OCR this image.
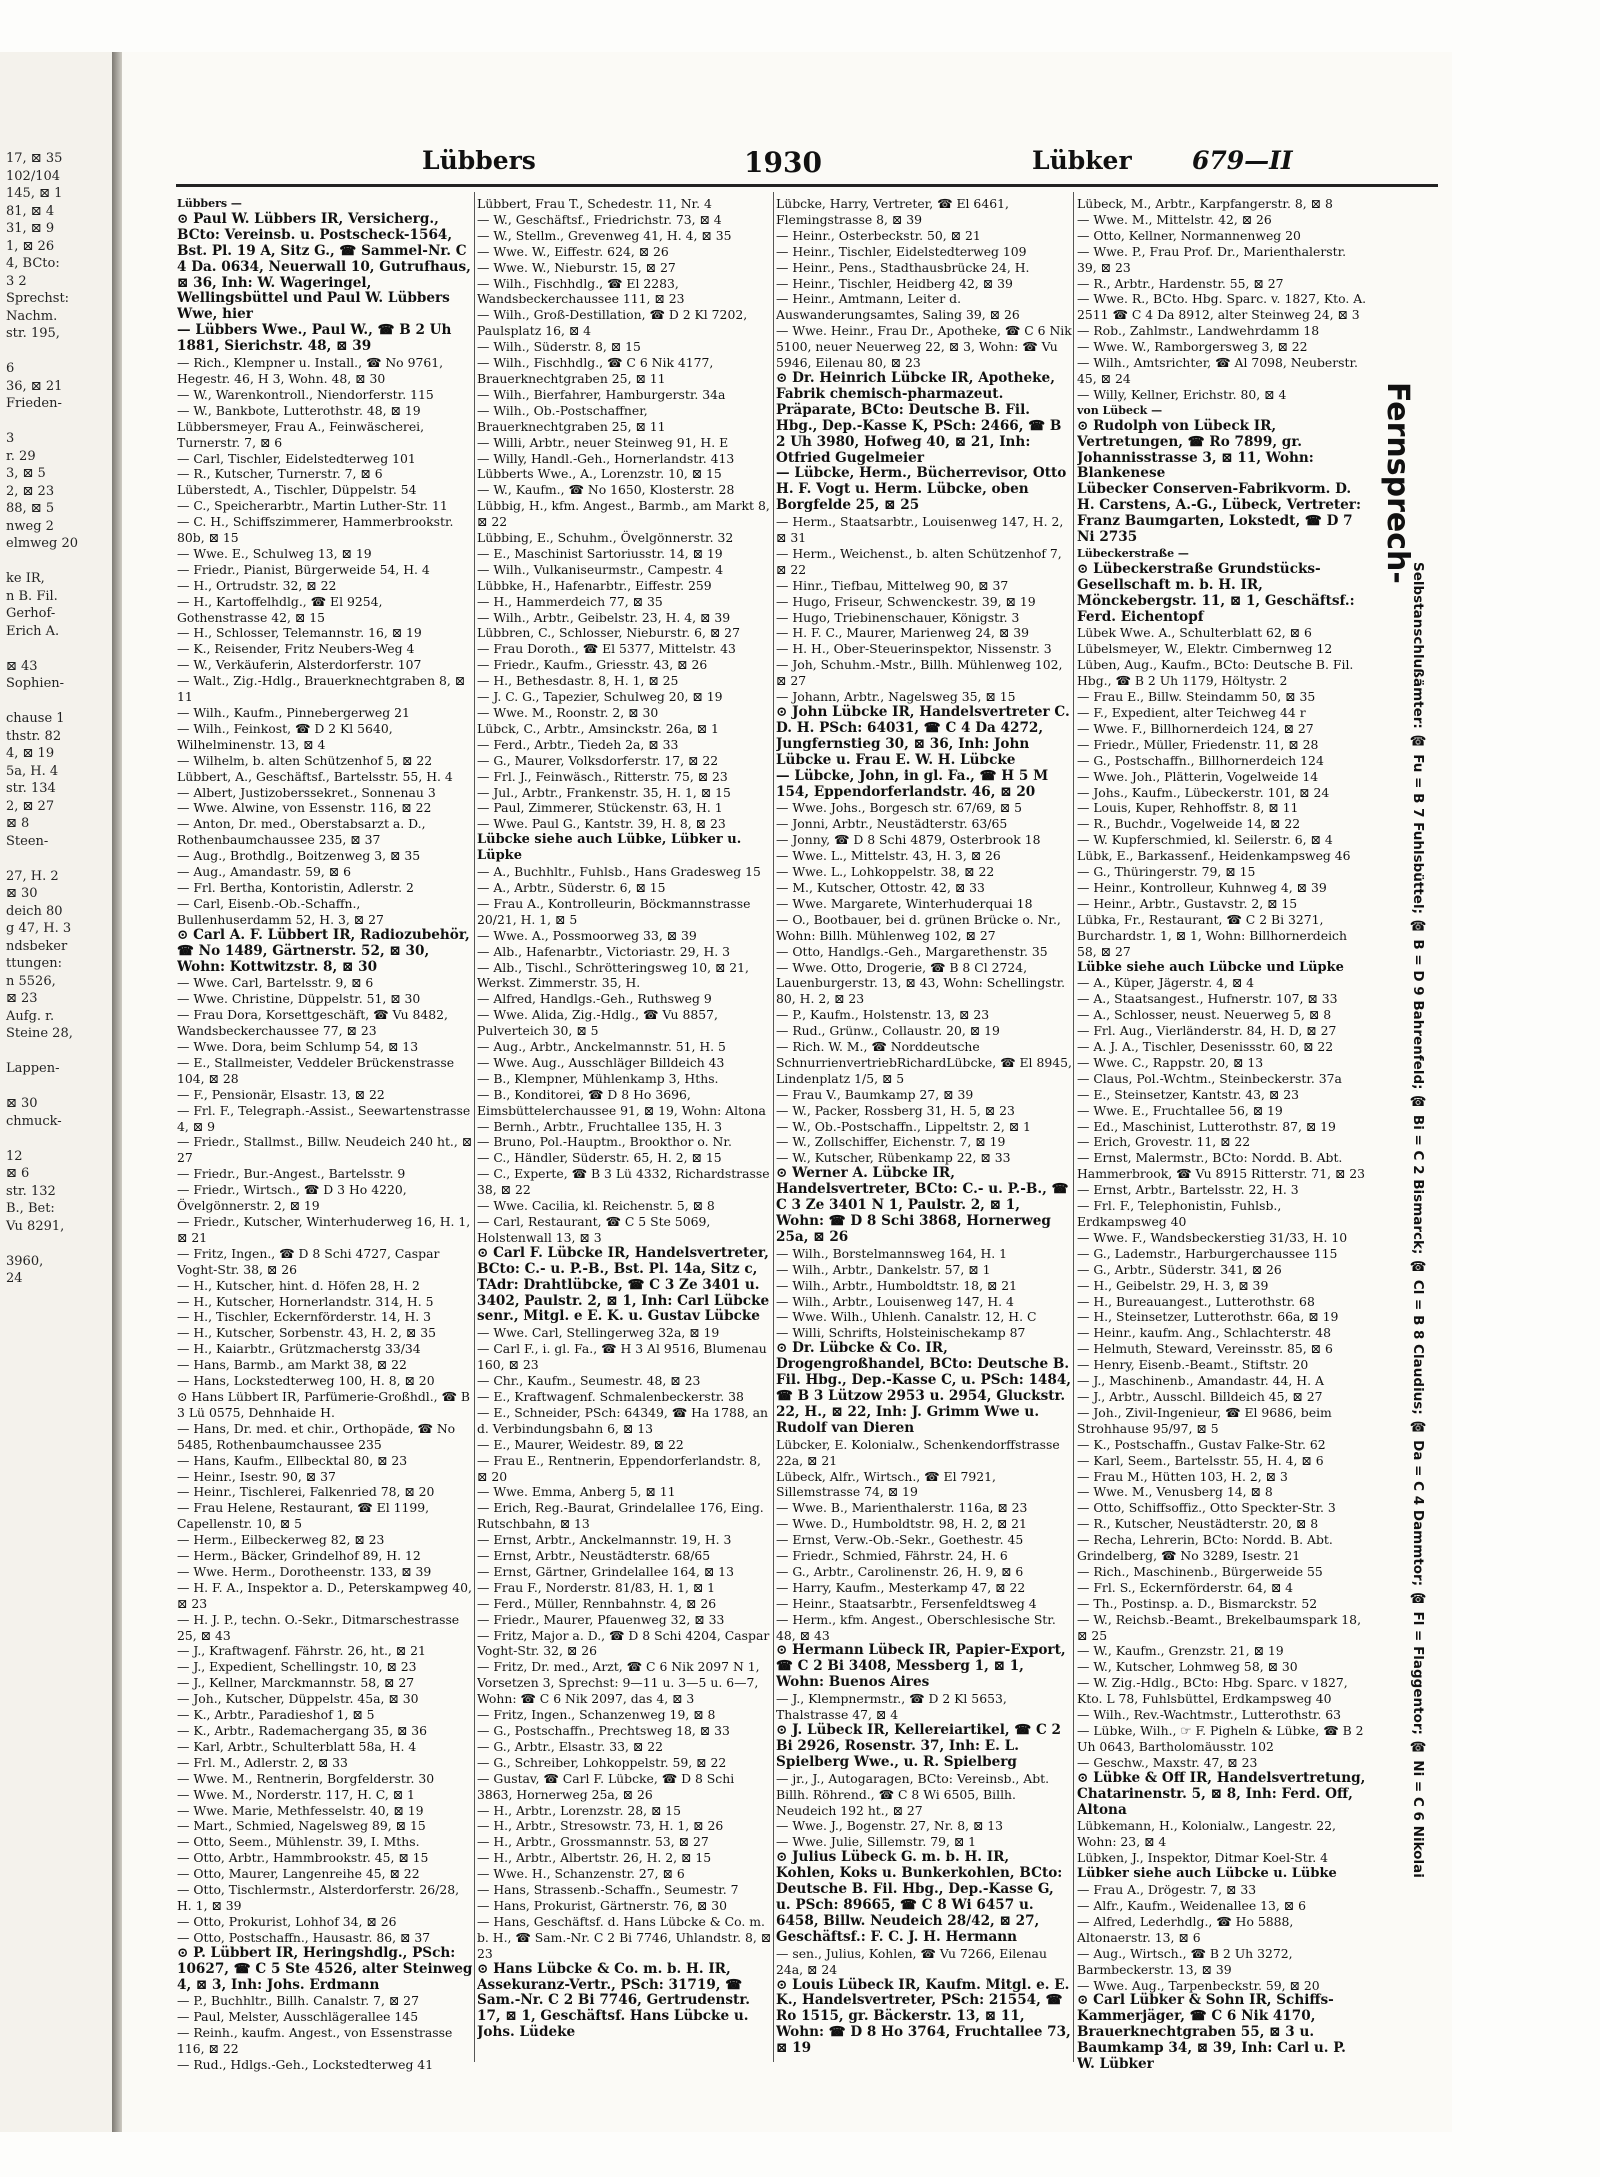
17, ⊠ 35
102/104
145, ⊠ 1
81, ⊠ 4
31, ⊠ 9
1, ⊠ 26
4, BCto:
3 2
Sprechst:
Nachm.
str. 195,

6
36, ⊠ 21
Frieden-

3
r. 29
3, ⊠ 5
2, ⊠ 23
88, ⊠ 5
nweg 2
elmweg 20

ke IR,
n B. Fil.
Gerhof-
Erich A.

⊠ 43
Sophien-

chause 1
thstr. 82
4, ⊠ 19
5a, H. 4
str. 134
2, ⊠ 27
⊠ 8
Steen-

27, H. 2
⊠ 30
deich 80
g 47, H. 3
ndsbeker
ttungen:
n 5526,
⊠ 23
Aufg. r.
Steine 28,

Lappen-

⊠ 30
chmuck-

12
⊠ 6
str. 132
B., Bet:
Vu 8291,

3960,
24
Lübbers	1930	Lübker 679—II

Lübbers —

⊙ Paul W. Lübbers IR, Versicherg., BCto: Vereinsb. u. Postscheck-1564, Bst. Pl. 19 A, Sitz G., ☎ Sammel-Nr. C 4 Da. 0634, Neuerwall 10, Gutrufhaus, ⊠ 36, Inh: W. Wageringel, Wellingsbüttel und Paul W. Lübbers Wwe, hier

— Lübbers Wwe., Paul W., ☎ B 2 Uh 1881, Sierichstr. 48, ⊠ 39

— Rich., Klempner u. Install., ☎ No 9761, Hegestr. 46, H 3, Wohn. 48, ⊠ 30

— W., Warenkontroll., Niendorferstr. 115

— W., Bankbote, Lutterothstr. 48, ⊠ 19

Lübbersmeyer, Frau A., Feinwäscherei, Turnerstr. 7, ⊠ 6

— Carl, Tischler, Eidelstedterweg 101

— R., Kutscher, Turnerstr. 7, ⊠ 6

Lüberstedt, A., Tischler, Düppelstr. 54

— C., Speicherarbtr., Martin Luther-Str. 11

— C. H., Schiffszimmerer, Hammerbrookstr. 80b, ⊠ 15

— Wwe. E., Schulweg 13, ⊠ 19

— Friedr., Pianist, Bürgerweide 54, H. 4

— H., Ortrudstr. 32, ⊠ 22

— H., Kartoffelhdlg., ☎ El 9254, Gothenstrasse 42, ⊠ 15

— H., Schlosser, Telemannstr. 16, ⊠ 19

— K., Reisender, Fritz Neubers-Weg 4

— W., Verkäuferin, Alsterdorferstr. 107

— Walt., Zig.-Hdlg., Brauerknechtgraben 8, ⊠ 11

— Wilh., Kaufm., Pinnebergerweg 21

— Wilh., Feinkost, ☎ D 2 Kl 5640, Wilhelminenstr. 13, ⊠ 4

— Wilhelm, b. alten Schützenhof 5, ⊠ 22

Lübbert, A., Geschäftsf., Bartelsstr. 55, H. 4

— Albert, Justizoberssekret., Sonnenau 3

— Wwe. Alwine, von Essenstr. 116, ⊠ 22

— Anton, Dr. med., Oberstabsarzt a. D., Rothenbaumchaussee 235, ⊠ 37

— Aug., Brothdlg., Boitzenweg 3, ⊠ 35

— Aug., Amandastr. 59, ⊠ 6

— Frl. Bertha, Kontoristin, Adlerstr. 2

— Carl, Eisenb.-Ob.-Schaffn., Bullenhuserdamm 52, H. 3, ⊠ 27

⊙ Carl A. F. Lübbert IR, Radiozubehör, ☎ No 1489, Gärtnerstr. 52, ⊠ 30, Wohn: Kottwitzstr. 8, ⊠ 30

— Wwe. Carl, Bartelsstr. 9, ⊠ 6

— Wwe. Christine, Düppelstr. 51, ⊠ 30

— Frau Dora, Korsettgeschäft, ☎ Vu 8482, Wandsbeckerchaussee 77, ⊠ 23

— Wwe. Dora, beim Schlump 54, ⊠ 13

— E., Stallmeister, Veddeler Brückenstrasse 104, ⊠ 28

— F., Pensionär, Elsastr. 13, ⊠ 22

— Frl. F., Telegraph.-Assist., Seewartenstrasse 4, ⊠ 9

— Friedr., Stallmst., Billw. Neudeich 240 ht., ⊠ 27

— Friedr., Bur.-Angest., Bartelsstr. 9

— Friedr., Wirtsch., ☎ D 3 Ho 4220, Övelgönnerstr. 2, ⊠ 19

— Friedr., Kutscher, Winterhuderweg 16, H. 1, ⊠ 21

— Fritz, Ingen., ☎ D 8 Schi 4727, Caspar Voght-Str. 38, ⊠ 26

— H., Kutscher, hint. d. Höfen 28, H. 2

— H., Kutscher, Hornerlandstr. 314, H. 5

— H., Tischler, Eckernförderstr. 14, H. 3

— H., Kutscher, Sorbenstr. 43, H. 2, ⊠ 35

— H., Kaiarbtr., Grützmacherstg 33/34

— Hans, Barmb., am Markt 38, ⊠ 22

— Hans, Lockstedterweg 100, H. 8, ⊠ 20

⊙ Hans Lübbert IR, Parfümerie-Großhdl., ☎ B 3 Lü 0575, Dehnhaide H.

— Hans, Dr. med. et chir., Orthopäde, ☎ No 5485, Rothenbaumchaussee 235

— Hans, Kaufm., Ellbecktal 80, ⊠ 23

— Heinr., Isestr. 90, ⊠ 37

— Heinr., Tischlerei, Falkenried 78, ⊠ 20

— Frau Helene, Restaurant, ☎ El 1199, Capellenstr. 10, ⊠ 5

— Herm., Eilbeckerweg 82, ⊠ 23

— Herm., Bäcker, Grindelhof 89, H. 12

— Wwe. Herm., Dorotheenstr. 133, ⊠ 39

— H. F. A., Inspektor a. D., Peterskampweg 40, ⊠ 23

— H. J. P., techn. O.-Sekr., Ditmarschestrasse 25, ⊠ 43

— J., Kraftwagenf. Fährstr. 26, ht., ⊠ 21

— J., Expedient, Schellingstr. 10, ⊠ 23

— J., Kellner, Marckmannstr. 58, ⊠ 27

— Joh., Kutscher, Düppelstr. 45a, ⊠ 30

— K., Arbtr., Paradieshof 1, ⊠ 5

— K., Arbtr., Rademachergang 35, ⊠ 36

— Karl, Arbtr., Schulterblatt 58a, H. 4

— Frl. M., Adlerstr. 2, ⊠ 33

— Wwe. M., Rentnerin, Borgfelderstr. 30

— Wwe. M., Norderstr. 117, H. C, ⊠ 1

— Wwe. Marie, Methfesselstr. 40, ⊠ 19

— Mart., Schmied, Nagelsweg 89, ⊠ 15

— Otto, Seem., Mühlenstr. 39, I. Mths.

— Otto, Arbtr., Hammbrookstr. 45, ⊠ 15

— Otto, Maurer, Langenreihe 45, ⊠ 22

— Otto, Tischlermstr., Alsterdorferstr. 26/28, H. 1, ⊠ 39

— Otto, Prokurist, Lohhof 34, ⊠ 26

— Otto, Postschaffn., Hausastr. 86, ⊠ 37

⊙ P. Lübbert IR, Heringshdlg., PSch: 10627, ☎ C 5 Ste 4526, alter Steinweg 4, ⊠ 3, Inh: Johs. Erdmann

— P., Buchhltr., Billh. Canalstr. 7, ⊠ 27

— Paul, Melster, Ausschlägerallee 145

— Reinh., kaufm. Angest., von Essenstrasse 116, ⊠ 22

— Rud., Hdlgs.-Geh., Lockstedterweg 41

Lübbert, Frau T., Schedestr. 11, Nr. 4

— W., Geschäftsf., Friedrichstr. 73, ⊠ 4

— W., Stellm., Grevenweg 41, H. 4, ⊠ 35

— Wwe. W., Eiffestr. 624, ⊠ 26

— Wwe. W., Nieburstr. 15, ⊠ 27

— Wilh., Fischhdlg., ☎ El 2283, Wandsbeckerchaussee 111, ⊠ 23

— Wilh., Groß-Destillation, ☎ D 2 Kl 7202, Paulsplatz 16, ⊠ 4

— Wilh., Süderstr. 8, ⊠ 15

— Wilh., Fischhdlg., ☎ C 6 Nik 4177, Brauerknechtgraben 25, ⊠ 11

— Wilh., Bierfahrer, Hamburgerstr. 34a

— Wilh., Ob.-Postschaffner, Brauerknechtgraben 25, ⊠ 11

— Willi, Arbtr., neuer Steinweg 91, H. E

— Willy, Handl.-Geh., Hornerlandstr. 413

Lübberts Wwe., A., Lorenzstr. 10, ⊠ 15

— W., Kaufm., ☎ No 1650, Klosterstr. 28

Lübbig, H., kfm. Angest., Barmb., am Markt 8, ⊠ 22

Lübbing, E., Schuhm., Övelgönnerstr. 32

— E., Maschinist Sartoriusstr. 14, ⊠ 19

— Wilh., Vulkaniseurmstr., Campestr. 4

Lübbke, H., Hafenarbtr., Eiffestr. 259

— H., Hammerdeich 77, ⊠ 35

— Wilh., Arbtr., Geibelstr. 23, H. 4, ⊠ 39

Lübbren, C., Schlosser, Nieburstr. 6, ⊠ 27

— Frau Doroth., ☎ El 5377, Mittelstr. 43

— Friedr., Kaufm., Griesstr. 43, ⊠ 26

— H., Bethesdastr. 8, H. 1, ⊠ 25

— J. C. G., Tapezier, Schulweg 20, ⊠ 19

— Wwe. M., Roonstr. 2, ⊠ 30

Lübck, C., Arbtr., Amsinckstr. 26a, ⊠ 1

— Ferd., Arbtr., Tiedeh 2a, ⊠ 33

— G., Maurer, Volksdorferstr. 17, ⊠ 22

— Frl. J., Feinwäsch., Ritterstr. 75, ⊠ 23

— Jul., Arbtr., Frankenstr. 35, H. 1, ⊠ 15

— Paul, Zimmerer, Stückenstr. 63, H. 1

— Wwe. Paul G., Kantstr. 39, H. 8, ⊠ 23

Lübcke siehe auch Lübke, Lübker u. Lüpke

— A., Buchhltr., Fuhlsb., Hans Gradesweg 15

— A., Arbtr., Süderstr. 6, ⊠ 15

— Frau A., Kontrolleurin, Böckmannstrasse 20/21, H. 1, ⊠ 5

— Wwe. A., Possmoorweg 33, ⊠ 39

— Alb., Hafenarbtr., Victoriastr. 29, H. 3

— Alb., Tischl., Schrötteringsweg 10, ⊠ 21, Werkst. Zimmerstr. 35, H.

— Alfred, Handlgs.-Geh., Ruthsweg 9

— Wwe. Alida, Zig.-Hdlg., ☎ Vu 8857, Pulverteich 30, ⊠ 5

— Aug., Arbtr., Anckelmannstr. 51, H. 5

— Wwe. Aug., Ausschläger Billdeich 43

— B., Klempner, Mühlenkamp 3, Hths.

— B., Konditorei, ☎ D 8 Ho 3696, Eimsbüttelerchaussee 91, ⊠ 19, Wohn: Altona

— Bernh., Arbtr., Fruchtallee 135, H. 3

— Bruno, Pol.-Hauptm., Brookthor o. Nr.

— C., Händler, Süderstr. 65, H. 2, ⊠ 15

— C., Experte, ☎ B 3 Lü 4332, Richardstrasse 38, ⊠ 22

— Wwe. Cacilia, kl. Reichenstr. 5, ⊠ 8

— Carl, Restaurant, ☎ C 5 Ste 5069, Holstenwall 13, ⊠ 3

⊙ Carl F. Lübcke IR, Handelsvertreter, BCto: C.- u. P.-B., Bst. Pl. 14a, Sitz c, TAdr: Drahtlübcke, ☎ C 3 Ze 3401 u. 3402, Paulstr. 2, ⊠ 1, Inh: Carl Lübcke senr., Mitgl. e E. K. u. Gustav Lübcke

— Wwe. Carl, Stellingerweg 32a, ⊠ 19

— Carl F., i. gl. Fa., ☎ H 3 Al 9516, Blumenau 160, ⊠ 23

— Chr., Kaufm., Seumestr. 48, ⊠ 23

— E., Kraftwagenf. Schmalenbeckerstr. 38

— E., Schneider, PSch: 64349, ☎ Ha 1788, an d. Verbindungsbahn 6, ⊠ 13

— E., Maurer, Weidestr. 89, ⊠ 22

— Frau E., Rentnerin, Eppendorferlandstr. 8, ⊠ 20

— Wwe. Emma, Anberg 5, ⊠ 11

— Erich, Reg.-Baurat, Grindelallee 176, Eing. Rutschbahn, ⊠ 13

— Ernst, Arbtr., Anckelmannstr. 19, H. 3

— Ernst, Arbtr., Neustädterstr. 68/65

— Ernst, Gärtner, Grindelallee 164, ⊠ 13

— Frau F., Norderstr. 81/83, H. 1, ⊠ 1

— Ferd., Müller, Rennbahnstr. 4, ⊠ 26

— Friedr., Maurer, Pfauenweg 32, ⊠ 33

— Fritz, Major a. D., ☎ D 8 Schi 4204, Caspar Voght-Str. 32, ⊠ 26

— Fritz, Dr. med., Arzt, ☎ C 6 Nik 2097 N 1, Vorsetzen 3, Sprechst: 9—11 u. 3—5 u. 6—7, Wohn: ☎ C 6 Nik 2097, das 4, ⊠ 3

— Fritz, Ingen., Schanzenweg 19, ⊠ 8

— G., Postschaffn., Prechtsweg 18, ⊠ 33

— G., Arbtr., Elsastr. 33, ⊠ 22

— G., Schreiber, Lohkoppelstr. 59, ⊠ 22

— Gustav, ☎ Carl F. Lübcke, ☎ D 8 Schi 3863, Hornerweg 25a, ⊠ 26

— H., Arbtr., Lorenzstr. 28, ⊠ 15

— H., Arbtr., Stresowstr. 73, H. 1, ⊠ 26

— H., Arbtr., Grossmannstr. 53, ⊠ 27

— H., Arbtr., Albertstr. 26, H. 2, ⊠ 15

— Wwe. H., Schanzenstr. 27, ⊠ 6

— Hans, Strassenb.-Schaffn., Seumestr. 7

— Hans, Prokurist, Gärtnerstr. 76, ⊠ 30

— Hans, Geschäftsf. d. Hans Lübcke & Co. m. b. H., ☎ Sam.-Nr. C 2 Bi 7746, Uhlandstr. 8, ⊠ 23

⊙ Hans Lübcke & Co. m. b. H. IR, Assekuranz-Vertr., PSch: 31719, ☎ Sam.-Nr. C 2 Bi 7746, Gertrudenstr. 17, ⊠ 1, Geschäftsf. Hans Lübcke u. Johs. Lüdeke

Lübcke, Harry, Vertreter, ☎ El 6461, Flemingstrasse 8, ⊠ 39

— Heinr., Osterbeckstr. 50, ⊠ 21

— Heinr., Tischler, Eidelstedterweg 109

— Heinr., Pens., Stadthausbrücke 24, H.

— Heinr., Tischler, Heidberg 42, ⊠ 39

— Heinr., Amtmann, Leiter d. Auswanderungsamtes, Saling 39, ⊠ 26

— Wwe. Heinr., Frau Dr., Apotheke, ☎ C 6 Nik 5100, neuer Neuerweg 22, ⊠ 3, Wohn: ☎ Vu 5946, Eilenau 80, ⊠ 23

⊙ Dr. Heinrich Lübcke IR, Apotheke, Fabrik chemisch-pharmazeut. Präparate, BCto: Deutsche B. Fil. Hbg., Dep.-Kasse K, PSch: 2466, ☎ B 2 Uh 3980, Hofweg 40, ⊠ 21, Inh: Otfried Gugelmeier

— Lübcke, Herm., Bücherrevisor, Otto H. F. Vogt u. Herm. Lübcke, oben Borgfelde 25, ⊠ 25

— Herm., Staatsarbtr., Louisenweg 147, H. 2, ⊠ 31

— Herm., Weichenst., b. alten Schützenhof 7, ⊠ 22

— Hinr., Tiefbau, Mittelweg 90, ⊠ 37

— Hugo, Friseur, Schwenckestr. 39, ⊠ 19

— Hugo, Triebinenschauer, Königstr. 3

— H. F. C., Maurer, Marienweg 24, ⊠ 39

— H. H., Ober-Steuerinspektor, Nissenstr. 3

— Joh, Schuhm.-Mstr., Billh. Mühlenweg 102, ⊠ 27

— Johann, Arbtr., Nagelsweg 35, ⊠ 15

⊙ John Lübcke IR, Handelsvertreter C. D. H. PSch: 64031, ☎ C 4 Da 4272, Jungfernstieg 30, ⊠ 36, Inh: John Lübcke u. Frau E. W. H. Lübcke

— Lübcke, John, in gl. Fa., ☎ H 5 M 154, Eppendorferlandstr. 46, ⊠ 20

— Wwe. Johs., Borgesch str. 67/69, ⊠ 5

— Jonni, Arbtr., Neustädterstr. 63/65

— Jonny, ☎ D 8 Schi 4879, Osterbrook 18

— Wwe. L., Mittelstr. 43, H. 3, ⊠ 26

— Wwe. L., Lohkoppelstr. 38, ⊠ 22

— M., Kutscher, Ottostr. 42, ⊠ 33

— Wwe. Margarete, Winterhuderquai 18

— O., Bootbauer, bei d. grünen Brücke o. Nr., Wohn: Billh. Mühlenweg 102, ⊠ 27

— Otto, Handlgs.-Geh., Margarethenstr. 35

— Wwe. Otto, Drogerie, ☎ B 8 Cl 2724, Lauenburgerstr. 13, ⊠ 43, Wohn: Schellingstr. 80, H. 2, ⊠ 23

— P., Kaufm., Holstenstr. 13, ⊠ 23

— Rud., Grünw., Collaustr. 20, ⊠ 19

— Rich. W. M., ☎ Norddeutsche SchnurrienvertriebRichardLübcke, ☎ El 8945, Lindenplatz 1/5, ⊠ 5

— Frau V., Baumkamp 27, ⊠ 39

— W., Packer, Rossberg 31, H. 5, ⊠ 23

— W., Ob.-Postschaffn., Lippeltstr. 2, ⊠ 1

— W., Zollschiffer, Eichenstr. 7, ⊠ 19

— W., Kutscher, Rübenkamp 22, ⊠ 33

⊙ Werner A. Lübcke IR, Handelsvertreter, BCto: C.- u. P.-B., ☎ C 3 Ze 3401 N 1, Paulstr. 2, ⊠ 1, Wohn: ☎ D 8 Schi 3868, Hornerweg 25a, ⊠ 26

— Wilh., Borstelmannsweg 164, H. 1

— Wilh., Arbtr., Dankelstr. 57, ⊠ 1

— Wilh., Arbtr., Humboldtstr. 18, ⊠ 21

— Wilh., Arbtr., Louisenweg 147, H. 4

— Wwe. Wilh., Uhlenh. Canalstr. 12, H. C

— Willi, Schrifts, Holsteinischekamp 87

⊙ Dr. Lübcke & Co. IR, Drogengroßhandel, BCto: Deutsche B. Fil. Hbg., Dep.-Kasse C, u. PSch: 1484, ☎ B 3 Lützow 2953 u. 2954, Gluckstr. 22, H., ⊠ 22, Inh: J. Grimm Wwe u. Rudolf van Dieren

Lübcker, E. Kolonialw., Schenkendorffstrasse 22a, ⊠ 21

Lübeck, Alfr., Wirtsch., ☎ El 7921, Sillemstrasse 74, ⊠ 19

— Wwe. B., Marienthalerstr. 116a, ⊠ 23

— Wwe. D., Humboldtstr. 98, H. 2, ⊠ 21

— Ernst, Verw.-Ob.-Sekr., Goethestr. 45

— Friedr., Schmied, Fährstr. 24, H. 6

— G., Arbtr., Carolinenstr. 26, H. 9, ⊠ 6

— Harry, Kaufm., Mesterkamp 47, ⊠ 22

— Heinr., Staatsarbtr., Fersenfeldtsweg 4

— Herm., kfm. Angest., Oberschlesische Str. 48, ⊠ 43

⊙ Hermann Lübeck IR, Papier-Export, ☎ C 2 Bi 3408, Messberg 1, ⊠ 1, Wohn: Buenos Aires

— J., Klempnermstr., ☎ D 2 Kl 5653, Thalstrasse 47, ⊠ 4

⊙ J. Lübeck IR, Kellereiartikel, ☎ C 2 Bi 2926, Rosenstr. 37, Inh: E. L. Spielberg Wwe., u. R. Spielberg

— jr., J., Autogaragen, BCto: Vereinsb., Abt. Billh. Röhrend., ☎ C 8 Wi 6505, Billh. Neudeich 192 ht., ⊠ 27

— Wwe. J., Bogenstr. 27, Nr. 8, ⊠ 13

— Wwe. Julie, Sillemstr. 79, ⊠ 1

⊙ Julius Lübeck G. m. b. H. IR, Kohlen, Koks u. Bunkerkohlen, BCto: Deutsche B. Fil. Hbg., Dep.-Kasse G, u. PSch: 89665, ☎ C 8 Wi 6457 u. 6458, Billw. Neudeich 28/42, ⊠ 27, Geschäftsf.: F. C. J. H. Hermann

— sen., Julius, Kohlen, ☎ Vu 7266, Eilenau 24a, ⊠ 24

⊙ Louis Lübeck IR, Kaufm. Mitgl. e. E. K., Handelsvertreter, PSch: 21554, ☎ Ro 1515, gr. Bäckerstr. 13, ⊠ 11, Wohn: ☎ D 8 Ho 3764, Fruchtallee 73, ⊠ 19

Lübeck, M., Arbtr., Karpfangerstr. 8, ⊠ 8

— Wwe. M., Mittelstr. 42, ⊠ 26

— Otto, Kellner, Normannenweg 20

— Wwe. P., Frau Prof. Dr., Marienthalerstr. 39, ⊠ 23

— R., Arbtr., Hardenstr. 55, ⊠ 27

— Wwe. R., BCto. Hbg. Sparc. v. 1827, Kto. A. 2511 ☎ C 4 Da 8912, alter Steinweg 24, ⊠ 3

— Rob., Zahlmstr., Landwehrdamm 18

— Wwe. W., Ramborgersweg 3, ⊠ 22

— Wilh., Amtsrichter, ☎ Al 7098, Neuberstr. 45, ⊠ 24

— Willy, Kellner, Erichstr. 80, ⊠ 4

von Lübeck —

⊙ Rudolph von Lübeck IR, Vertretungen, ☎ Ro 7899, gr. Johannisstrasse 3, ⊠ 11, Wohn: Blankenese

Lübecker Conserven-Fabrikvorm. D. H. Carstens, A.-G., Lübeck, Vertreter: Franz Baumgarten, Lokstedt, ☎ D 7 Ni 2735

Lübeckerstraße —

⊙ Lübeckerstraße Grundstücks-Gesellschaft m. b. H. IR, Mönckebergstr. 11, ⊠ 1, Geschäftsf.: Ferd. Eichentopf

Lübek Wwe. A., Schulterblatt 62, ⊠ 6

Lübelsmeyer, W., Elektr. Cimbernweg 12

Lüben, Aug., Kaufm., BCto: Deutsche B. Fil. Hbg., ☎ B 2 Uh 1179, Höltystr. 2

— Frau E., Billw. Steindamm 50, ⊠ 35

— F., Expedient, alter Teichweg 44 r

— Wwe. F., Billhornerdeich 124, ⊠ 27

— Friedr., Müller, Friedenstr. 11, ⊠ 28

— G., Postschaffn., Billhornerdeich 124

— Wwe. Joh., Plätterin, Vogelweide 14

— Johs., Kaufm., Lübeckerstr. 101, ⊠ 24

— Louis, Kuper, Rehhoffstr. 8, ⊠ 11

— R., Buchdr., Vogelweide 14, ⊠ 22

— W. Kupferschmied, kl. Seilerstr. 6, ⊠ 4

Lübk, E., Barkassenf., Heidenkampsweg 46

— G., Thüringerstr. 79, ⊠ 15

— Heinr., Kontrolleur, Kuhnweg 4, ⊠ 39

— Heinr., Arbtr., Gustavstr. 2, ⊠ 15

Lübka, Fr., Restaurant, ☎ C 2 Bi 3271, Burchardstr. 1, ⊠ 1, Wohn: Billhornerdeich 58, ⊠ 27

Lübke siehe auch Lübcke und Lüpke

— A., Küper, Jägerstr. 4, ⊠ 4

— A., Staatsangest., Hufnerstr. 107, ⊠ 33

— A., Schlosser, neust. Neuerweg 5, ⊠ 8

— Frl. Aug., Vierländerstr. 84, H. D, ⊠ 27

— A. J. A., Tischler, Desenissstr. 60, ⊠ 22

— Wwe. C., Rappstr. 20, ⊠ 13

— Claus, Pol.-Wchtm., Steinbeckerstr. 37a

— E., Steinsetzer, Kantstr. 43, ⊠ 23

— Wwe. E., Fruchtallee 56, ⊠ 19

— Ed., Maschinist, Lutterothstr. 87, ⊠ 19

— Erich, Grovestr. 11, ⊠ 22

— Ernst, Malermstr., BCto: Nordd. B. Abt. Hammerbrook, ☎ Vu 8915 Ritterstr. 71, ⊠ 23

— Ernst, Arbtr., Bartelsstr. 22, H. 3

— Frl. F., Telephonistin, Fuhlsb., Erdkampsweg 40

— Wwe. F., Wandsbeckerstieg 31/33, H. 10

— G., Lademstr., Harburgerchaussee 115

— G., Arbtr., Süderstr. 341, ⊠ 26

— H., Geibelstr. 29, H. 3, ⊠ 39

— H., Bureauangest., Lutterothstr. 68

— H., Steinsetzer, Lutterothstr. 66a, ⊠ 19

— Heinr., kaufm. Ang., Schlachterstr. 48

— Helmuth, Steward, Vereinsstr. 85, ⊠ 6

— Henry, Eisenb.-Beamt., Stiftstr. 20

— J., Maschinenb., Amandastr. 44, H. A

— J., Arbtr., Ausschl. Billdeich 45, ⊠ 27

— Joh., Zivil-Ingenieur, ☎ El 9686, beim Strohhause 95/97, ⊠ 5

— K., Postschaffn., Gustav Falke-Str. 62

— Karl, Seem., Bartelsstr. 55, H. 4, ⊠ 6

— Frau M., Hütten 103, H. 2, ⊠ 3

— Wwe. M., Venusberg 14, ⊠ 8

— Otto, Schiffsoffiz., Otto Speckter-Str. 3

— R., Kutscher, Neustädterstr. 20, ⊠ 8

— Recha, Lehrerin, BCto: Nordd. B. Abt. Grindelberg, ☎ No 3289, Isestr. 21

— Rich., Maschinenb., Bürgerweide 55

— Frl. S., Eckernförderstr. 64, ⊠ 4

— Th., Postinsp. a. D., Bismarckstr. 52

— W., Reichsb.-Beamt., Brekelbaumspark 18, ⊠ 25

— W., Kaufm., Grenzstr. 21, ⊠ 19

— W., Kutscher, Lohmweg 58, ⊠ 30

— W. Zig.-Hdlg., BCto: Hbg. Sparc. v 1827, Kto. L 78, Fuhlsbüttel, Erdkampsweg 40

— Wilh., Rev.-Wachtmstr., Lutterothstr. 63

— Lübke, Wilh., ☞ F. Pigheln & Lübke, ☎ B 2 Uh 0643, Bartholomäusstr. 102

— Geschw., Maxstr. 47, ⊠ 23

⊙ Lübke & Off IR, Handelsvertretung, Chatarinenstr. 5, ⊠ 8, Inh: Ferd. Off, Altona

Lübkemann, H., Kolonialw., Langestr. 22, Wohn: 23, ⊠ 4

Lübken, J., Inspektor, Ditmar Koel-Str. 4

Lübker siehe auch Lübcke u. Lübke

— Frau A., Drögestr. 7, ⊠ 33

— Alfr., Kaufm., Weidenallee 13, ⊠ 6

— Alfred, Lederhdlg., ☎ Ho 5888, Altonaerstr. 13, ⊠ 6

— Aug., Wirtsch., ☎ B 2 Uh 3272, Barmbeckerstr. 13, ⊠ 39

— Wwe. Aug., Tarpenbeckstr. 59, ⊠ 20

⊙ Carl Lübker & Sohn IR, Schiffs-Kammerjäger, ☎ C 6 Nik 4170, Brauerknechtgraben 55, ⊠ 3 u. Baumkamp 34, ⊠ 39, Inh: Carl u. P. W. Lübker

Fernsprech-
Selbstanschlußämter: ☎ Fu = B 7 Fuhlsbüttel; ☎ B = D 9 Bahrenfeld; ☎ Bi = C 2 Bismarck; ☎ Cl = B 8 Claudius; ☎ Da = C 4 Dammtor; ☎ Fl = Flaggentor; ☎ Ni = C 6 Nikolai
